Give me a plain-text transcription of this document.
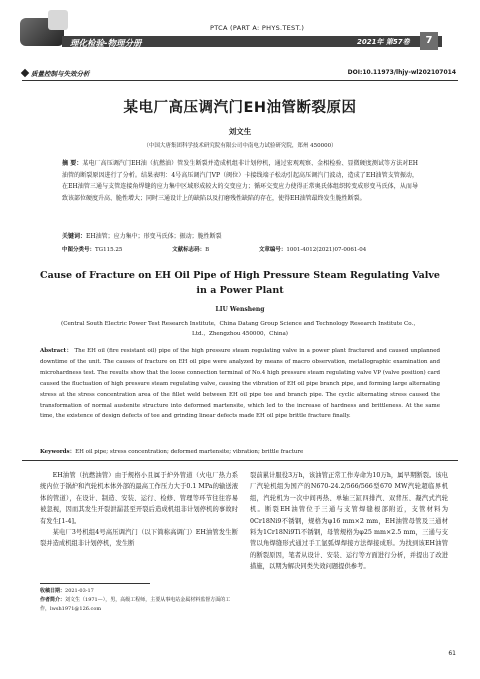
理化检验-物理分册
PTCA (PART A: PHYS.TEST.)
2021年 第57卷	7
质量控制与失效分析	DOI:10.11973/lhjy-wl202107014
某电厂高压调汽门EH油管断裂原因
刘文生
（中国大唐集团科学技术研究院有限公司中南电力试验研究院，郑州 450000）
摘 要：某电厂高压调汽门EH油（抗燃油）管发生断裂并造成机组非计划停机，通过宏观观察、金相检验、显微硬度测试等方法对EH油管的断裂原因进行了分析。结果表明：4号高压调汽门VP（阀位）卡接线端子松动引起高压调汽门波动，造成了EH油管支管振动，在EH油管三通与支管连接角焊缝的应力集中区域形成较大的交变应力；循环交变应力使得正常奥氏体组织转变成形变马氏体，从而导致该部位硬度升高、脆性增大；同时三通设计上的缺陷以及打磨残性缺陷的存在，使得EH油管最终发生脆性断裂。
关键词：EH油管；应力集中；形变马氏体；振动；脆性断裂
中图分类号：TG115.25	文献标志码：B	文章编号：1001-4012(2021)07-0061-04
Cause of Fracture on EH Oil Pipe of High Pressure Steam Regulating Valve in a Power Plant
LIU Wensheng
(Central South Electric Power Test Research Institute，China Datang Group Science and Technology Research Institute Co.，Ltd.，Zhengzhou 450000，China)
Abstract： The EH oil (fire resistant oil) pipe of the high pressure steam regulating valve in a power plant fractured and caused unplanned downtime of the unit. The causes of fracture on EH oil pipe were analyzed by means of macro observation, metallographic examination and microhardness test. The results show that the loose connection terminal of No.4 high pressure steam regulating valve VP (valve position) card caused the fluctuation of high pressure steam regulating valve, causing the vibration of EH oil pipe branch pipe, and forming large alternating stress at the stress concentration area of the fillet weld between EH oil pipe tee and branch pipe. The cyclic alternating stress caused the transformation of normal austenite structure into deformed martensite, which led to the increase of hardness and brittleness. At the same time, the existence of design defects of tee and grinding linear defects made EH oil pipe brittle fracture finally.
Keywords：EH oil pipe; stress concentration; deformed martensite; vibration; brittle fracture

EH油管（抗燃油管）由于规格小且属于炉外管道（火电厂热力系统内位于锅炉和汽轮机本体外部的最高工作压力大于0.1 MPa的输送液体的管道），在设计、制造、安装、运行、检修、管理等环节往往容易被忽视，因而其发生开裂泄漏甚至开裂后造成机组非计划停机的事故时有发生[1-4]。

某电厂3号机组4号高压调汽门（以下简称高调门）EH油管发生断裂并造成机组非计划停机，发生断

裂前累计服役3万h，该油管正常工作寿命为10万h，属早期断裂。该电厂汽轮机组为国产的N670-24.2/566/566型670 MW汽轮超临界机组，汽轮机为一次中间再热、单轴三缸四排汽、双背压、凝汽式汽轮机。断裂EH油管位于三通与支管焊缝根部附近，支管材料为0Cr18Ni9不锈钢，规格为φ16 mm×2 mm，EH油管母管及三通材料为1Cr18Ni9Ti不锈钢，母管规格为φ25 mm×2.5 mm，三通与支管以角焊缝形式通过手工氩弧焊焊接方法焊接成形。为找到该EH油管的断裂原因，笔者从设计、安装、运行等方面进行分析，并提出了改进措施，以期为解决同类失效问题提供参考。

收稿日期：2021-03-17
作者简介：刘文生（1971—），男，高级工程师，主要从事电站金属材料监督方面的工作，lwsh1971@126.com
61
